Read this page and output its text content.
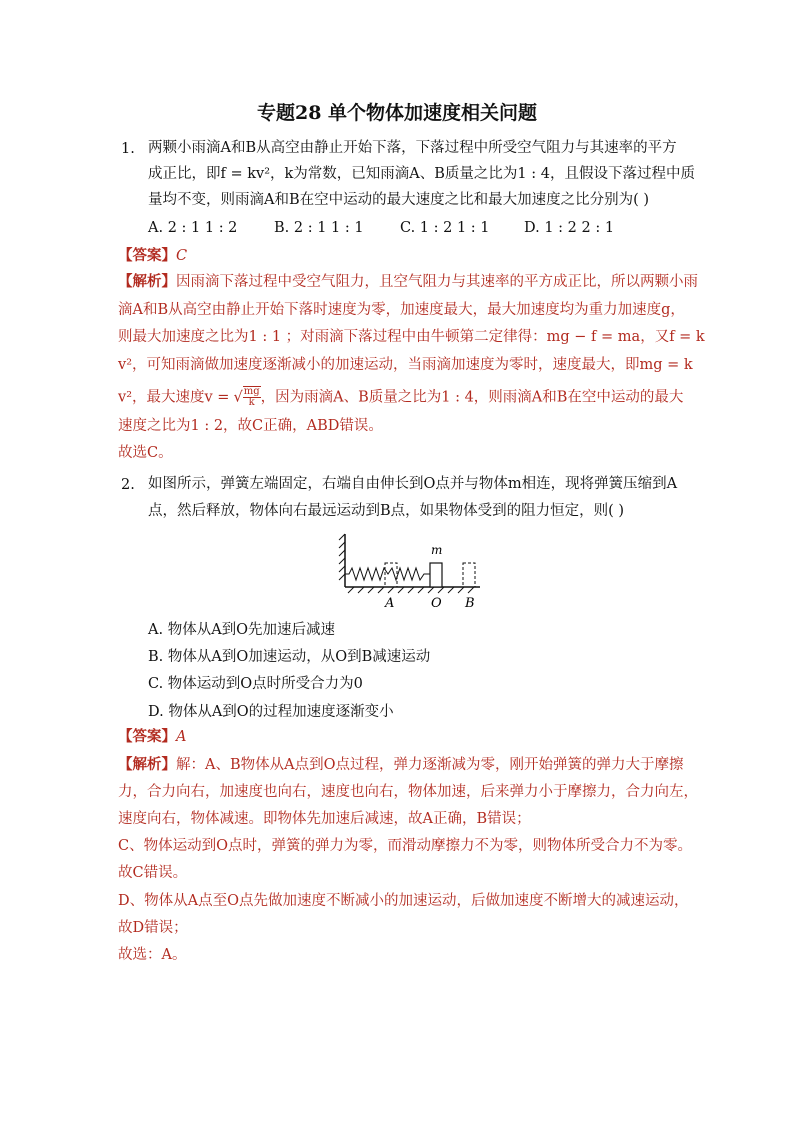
专题28 单个物体加速度相关问题
1. 两颗小雨滴A和B从高空由静止开始下落，下落过程中所受空气阻力与其速率的平方
成正比，即f = kv²，k为常数，已知雨滴A、B质量之比为1 : 4，且假设下落过程中质
量均不变，则雨滴A和B在空中运动的最大速度之比和最大加速度之比分别为( )
A. 2 : 1 1 : 2	B. 2 : 1 1 : 1	C. 1 : 2 1 : 1 D. 1 : 2 2 : 1
【答案】C
【解析】因雨滴下落过程中受空气阻力，且空气阻力与其速率的平方成正比，所以两颗小雨
滴A和B从高空由静止开始下落时速度为零，加速度最大，最大加速度均为重力加速度g，
则最大加速度之比为1 : 1 ；对雨滴下落过程中由牛顿第二定律得：mg − f = ma，又f = k
v²，可知雨滴做加速度逐渐减小的加速运动，当雨滴加速度为零时，速度最大，即mg = k
v²，最大速度v = √ $\frac{mg}{k}$，因为雨滴A、B质量之比为1 : 4，则雨滴A和B在空中运动的最大
速度之比为1 : 2，故C正确，ABD错误。
故选C。
2. 如图所示，弹簧左端固定，右端自由伸长到O点并与物体m相连，现将弹簧压缩到A
点，然后释放，物体向右最远运动到B点，如果物体受到的阻力恒定，则( )
m
A	O B
A. 物体从A到O先加速后减速
B. 物体从A到O加速运动，从O到B减速运动
C. 物体运动到O点时所受合力为0
D. 物体从A到O的过程加速度逐渐变小
【答案】A
【解析】解：A、B物体从A点到O点过程，弹力逐渐减为零，刚开始弹簧的弹力大于摩擦
力，合力向右，加速度也向右，速度也向右，物体加速，后来弹力小于摩擦力，合力向左，
速度向右，物体减速。即物体先加速后减速，故A正确，B错误；
C、物体运动到O点时，弹簧的弹力为零，而滑动摩擦力不为零，则物体所受合力不为零。
故C错误。
D、物体从A点至O点先做加速度不断减小的加速运动，后做加速度不断增大的减速运动，
故D错误；
故选：A。
